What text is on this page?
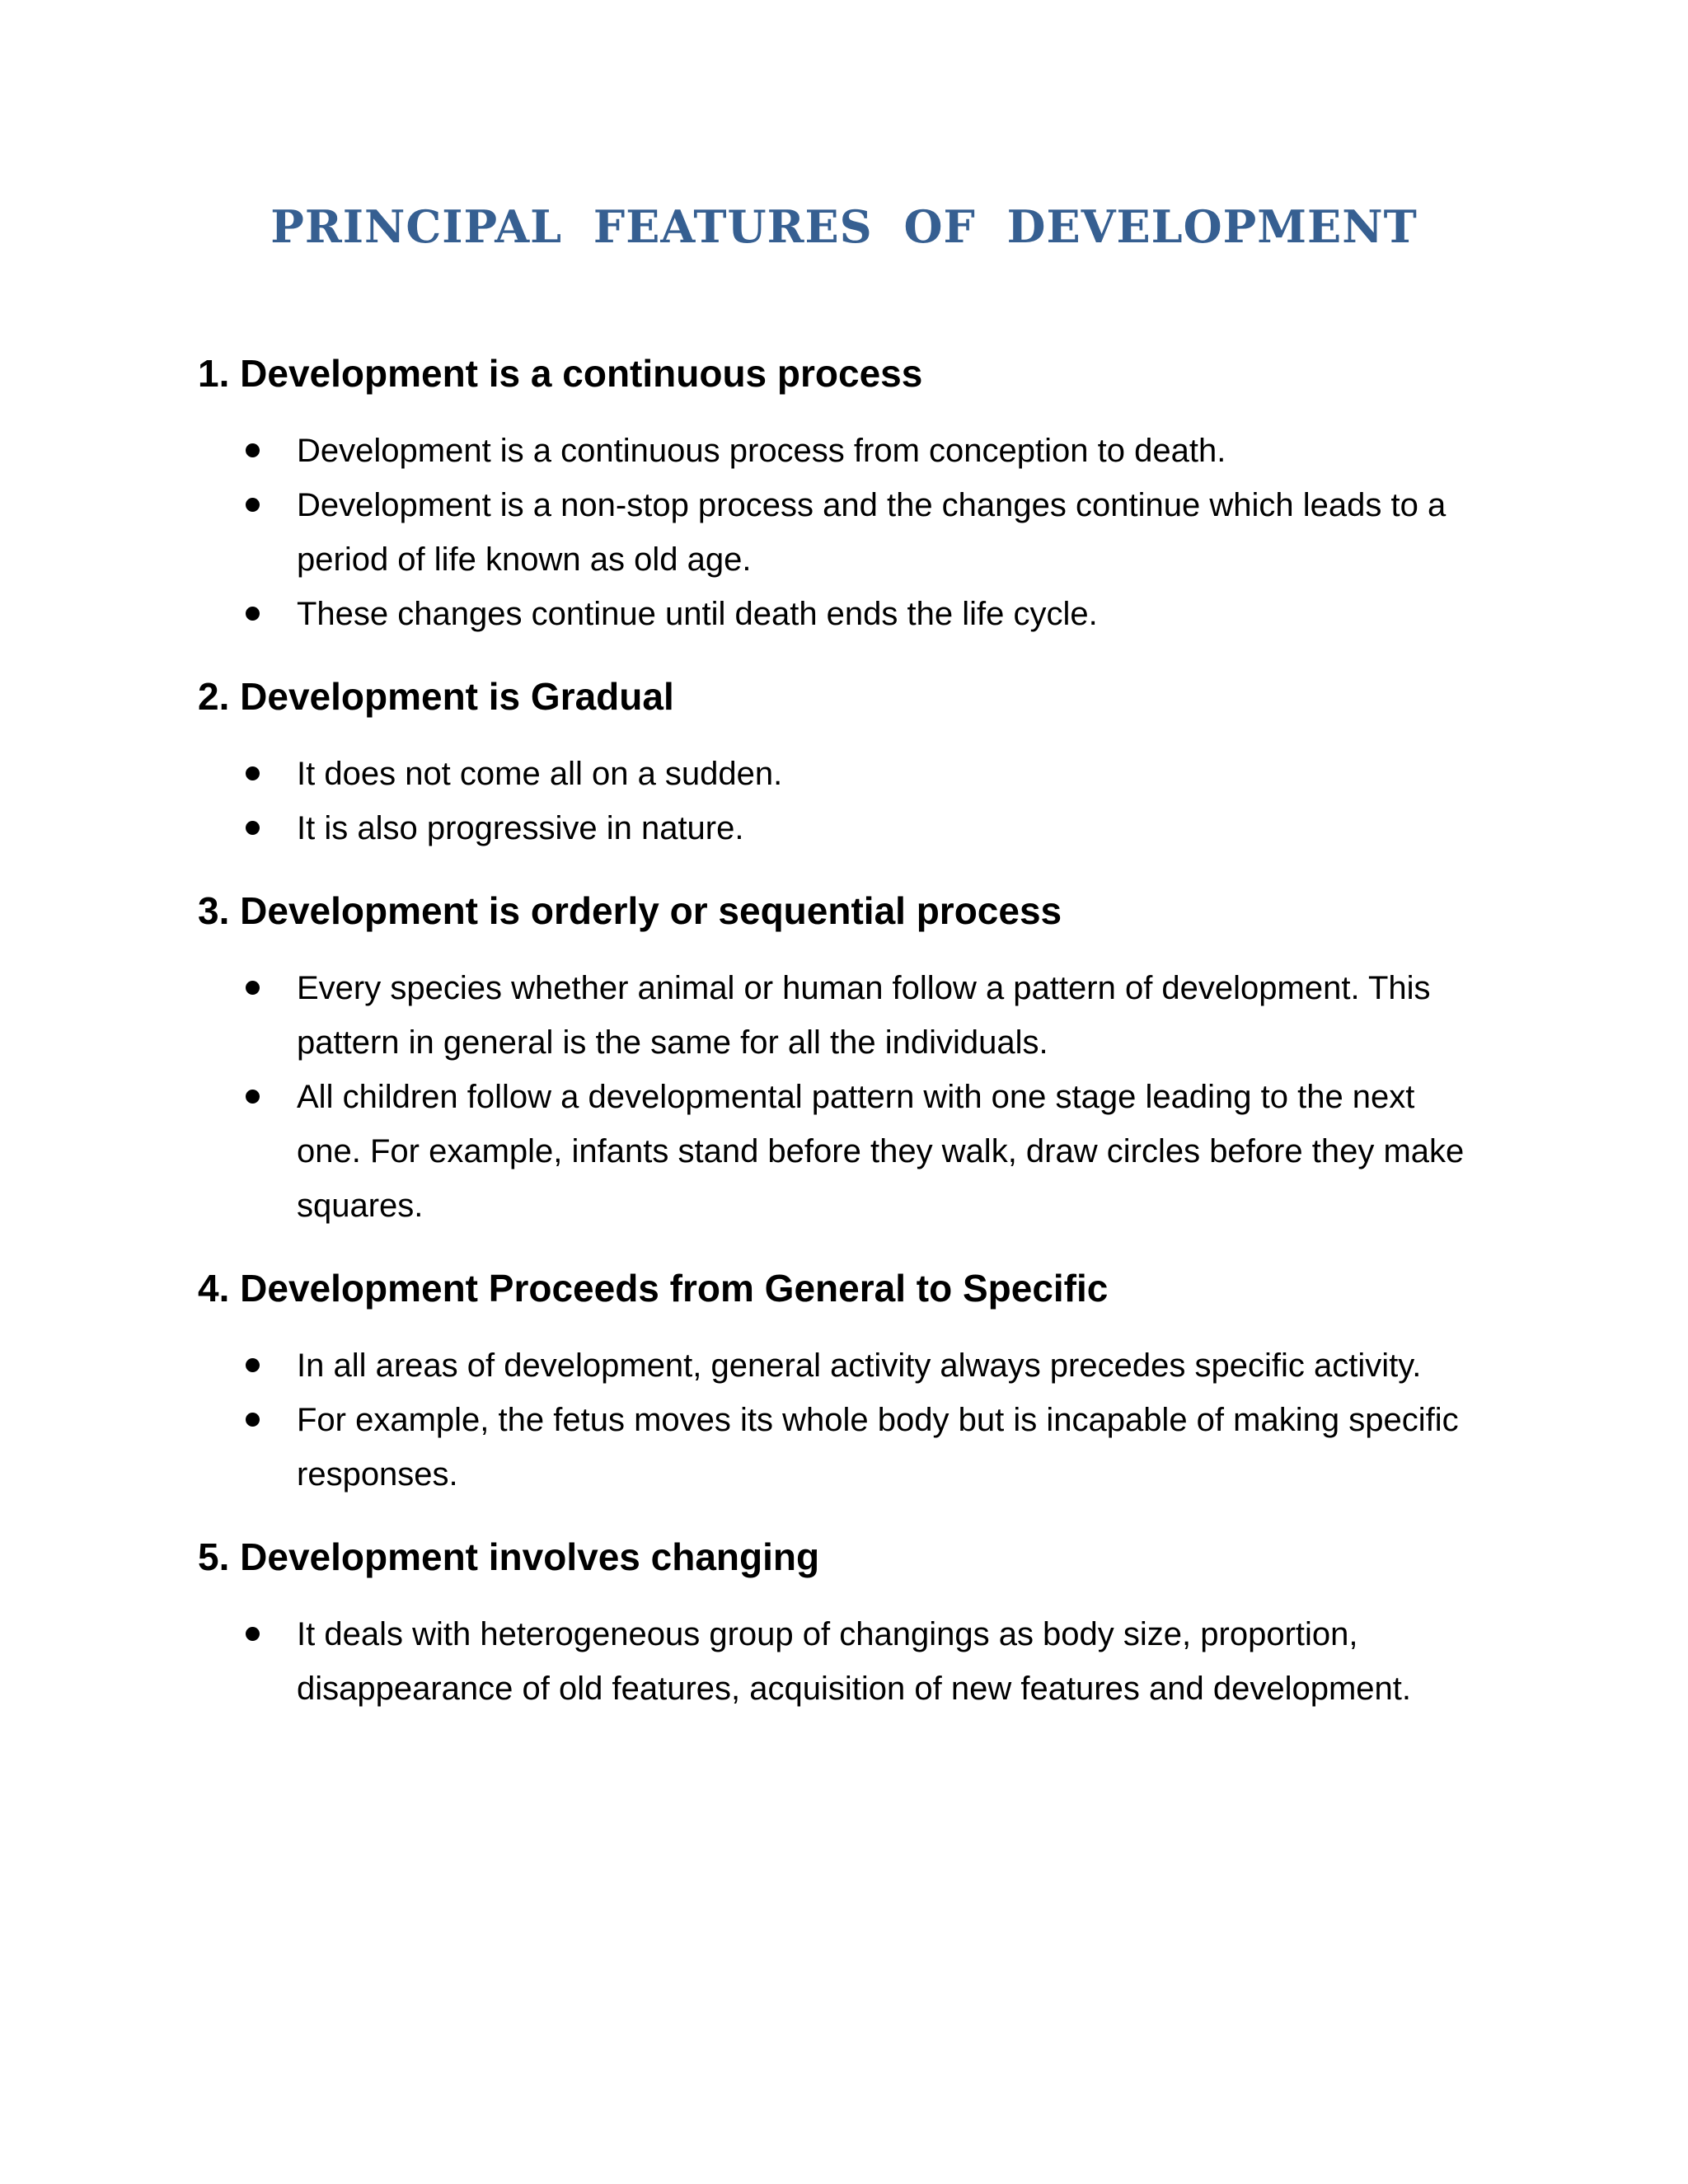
PRINCIPAL FEATURES OF DEVELOPMENT
1. Development is a continuous process
Development is a continuous process from conception to death.
Development is a non-stop process and the changes continue which leads to a period of life known as old age.
These changes continue until death ends the life cycle.
2. Development is Gradual
It does not come all on a sudden.
It is also progressive in nature.
3. Development is orderly or sequential process
Every species whether animal or human follow a pattern of development. This pattern in general is the same for all the individuals.
All children follow a developmental pattern with one stage leading to the next one. For example, infants stand before they walk, draw circles before they make squares.
4. Development Proceeds from General to Specific
In all areas of development, general activity always precedes specific activity.
For example, the fetus moves its whole body but is incapable of making specific responses.
5. Development involves changing
It deals with heterogeneous group of changings as body size, proportion, disappearance of old features, acquisition of new features and development.
